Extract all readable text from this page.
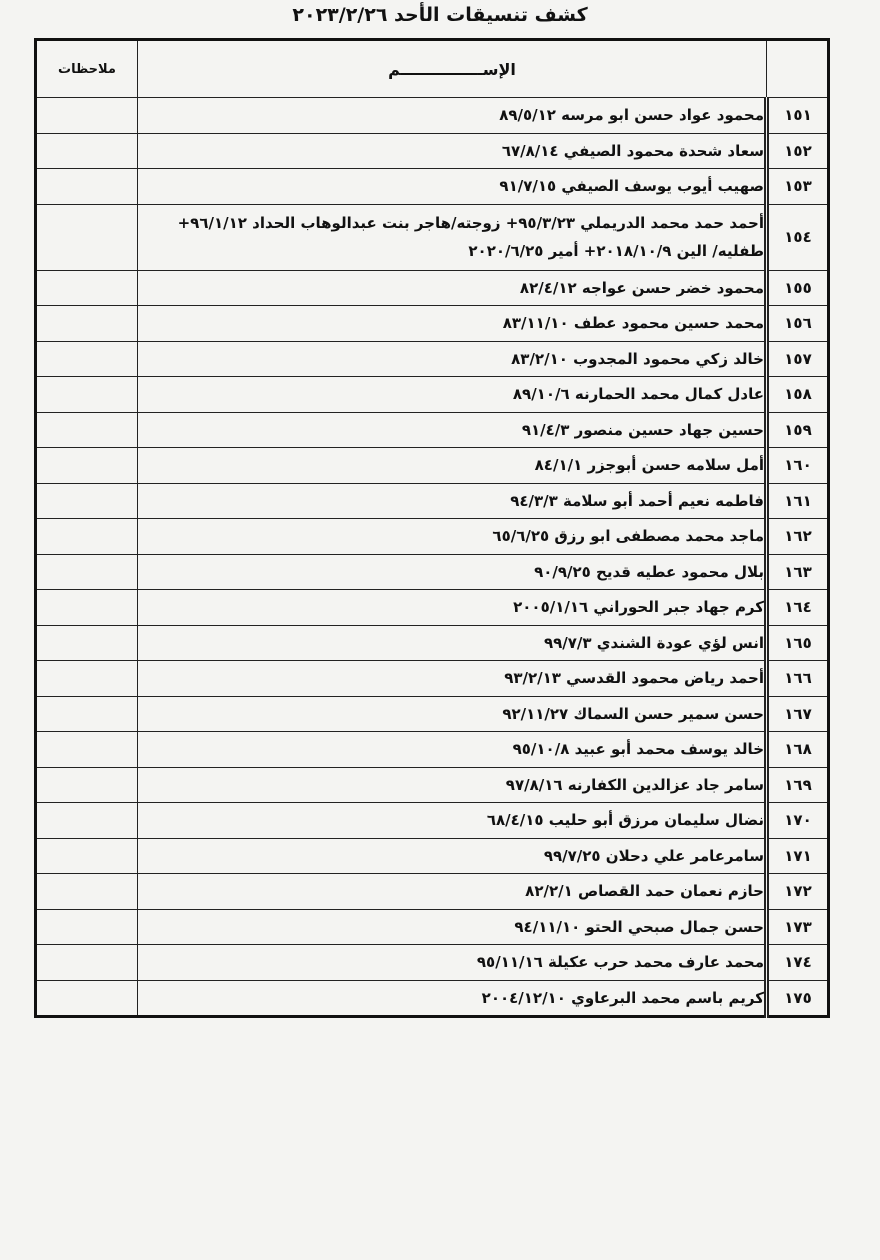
كشف تنسيقات الأحد ٢٠٢٣/٢/٢٦
	الإســـــــــــــــم	ملاحظات
١٥١	محمود عواد حسن ابو مرسه ٨٩/٥/١٢	
١٥٢	سعاد شحدة محمود الصيفي ٦٧/٨/١٤	
١٥٣	صهيب أيوب يوسف الصيفي ٩١/٧/١٥	
١٥٤	أحمد حمد محمد الدريملي ٩٥/٣/٢٣+ زوجته/هاجر بنت عبدالوهاب الحداد ٩٦/١/١٢+
طفليه/ الين ٢٠١٨/١٠/٩+ أمير ٢٠٢٠/٦/٢٥	

١٥٥	محمود خضر حسن عواجه ٨٢/٤/١٢	
١٥٦	محمد حسين محمود عطف ٨٣/١١/١٠	
١٥٧	خالد زكي محمود المجدوب ٨٣/٢/١٠	
١٥٨	عادل كمال محمد الحمارنه ٨٩/١٠/٦	
١٥٩	حسين جهاد حسين منصور ٩١/٤/٣	
١٦٠	أمل سلامه حسن أبوجزر ٨٤/١/١	
١٦١	فاطمه نعيم أحمد أبو سلامة ٩٤/٣/٣	
١٦٢	ماجد محمد مصطفى ابو رزق ٦٥/٦/٢٥	
١٦٣	بلال محمود عطيه قديح ٩٠/٩/٢٥	
١٦٤	كرم جهاد جبر الحوراني ٢٠٠٥/١/١٦	
١٦٥	انس لؤي عودة الشندي ٩٩/٧/٣	
١٦٦	أحمد رياض محمود القدسي ٩٣/٢/١٣	
١٦٧	حسن سمير حسن السماك ٩٢/١١/٢٧	
١٦٨	خالد يوسف محمد أبو عبيد ٩٥/١٠/٨	
١٦٩	سامر جاد عزالدين الكفارنه ٩٧/٨/١٦	
١٧٠	نضال سليمان مرزق أبو حليب ٦٨/٤/١٥	
١٧١	سامرعامر علي دحلان ٩٩/٧/٢٥	
١٧٢	حازم نعمان حمد القصاص ٨٢/٢/١	
١٧٣	حسن جمال صبحي الحتو ٩٤/١١/١٠	
١٧٤	محمد عارف محمد حرب عكيلة ٩٥/١١/١٦	
١٧٥	كريم باسم محمد البرعاوي ٢٠٠٤/١٢/١٠	
